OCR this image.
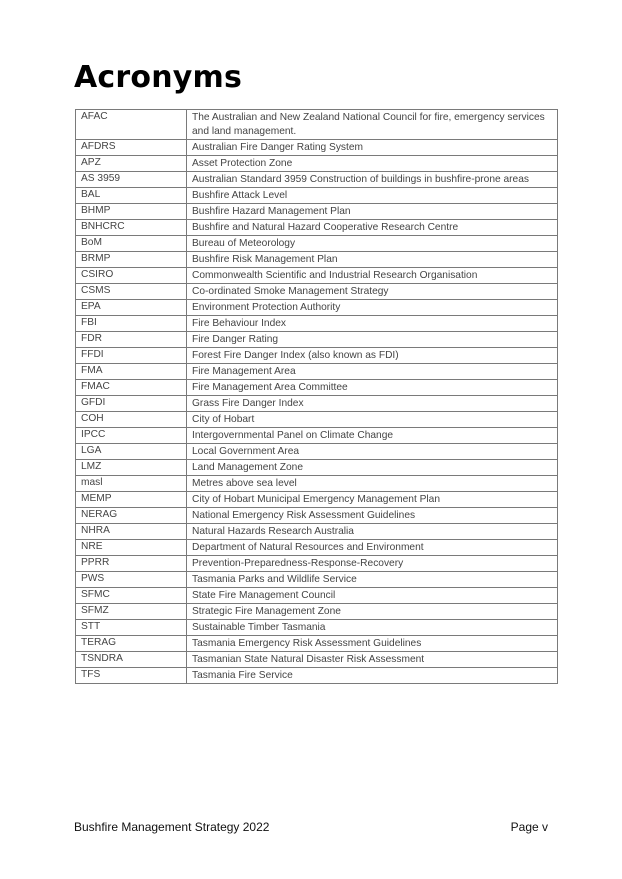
Acronyms
AFAC	The Australian and New Zealand National Council for fire, emergency services and land management.
AFDRS	Australian Fire Danger Rating System
APZ	Asset Protection Zone
AS 3959	Australian Standard 3959 Construction of buildings in bushfire-prone areas
BAL	Bushfire Attack Level
BHMP	Bushfire Hazard Management Plan
BNHCRC	Bushfire and Natural Hazard Cooperative Research Centre
BoM	Bureau of Meteorology
BRMP	Bushfire Risk Management Plan
CSIRO	Commonwealth Scientific and Industrial Research Organisation
CSMS	Co-ordinated Smoke Management Strategy
EPA	Environment Protection Authority
FBI	Fire Behaviour Index
FDR	Fire Danger Rating
FFDI	Forest Fire Danger Index (also known as FDI)
FMA	Fire Management Area
FMAC	Fire Management Area Committee
GFDI	Grass Fire Danger Index
COH	City of Hobart
IPCC	Intergovernmental Panel on Climate Change
LGA	Local Government Area
LMZ	Land Management Zone
masl	Metres above sea level
MEMP	City of Hobart Municipal Emergency Management Plan
NERAG	National Emergency Risk Assessment Guidelines
NHRA	Natural Hazards Research Australia
NRE	Department of Natural Resources and Environment
PPRR	Prevention-Preparedness-Response-Recovery
PWS	Tasmania Parks and Wildlife Service
SFMC	State Fire Management Council
SFMZ	Strategic Fire Management Zone
STT	Sustainable Timber Tasmania
TERAG	Tasmania Emergency Risk Assessment Guidelines
TSNDRA	Tasmanian State Natural Disaster Risk Assessment
TFS	Tasmania Fire Service
Bushfire Management Strategy 2022	Page v
